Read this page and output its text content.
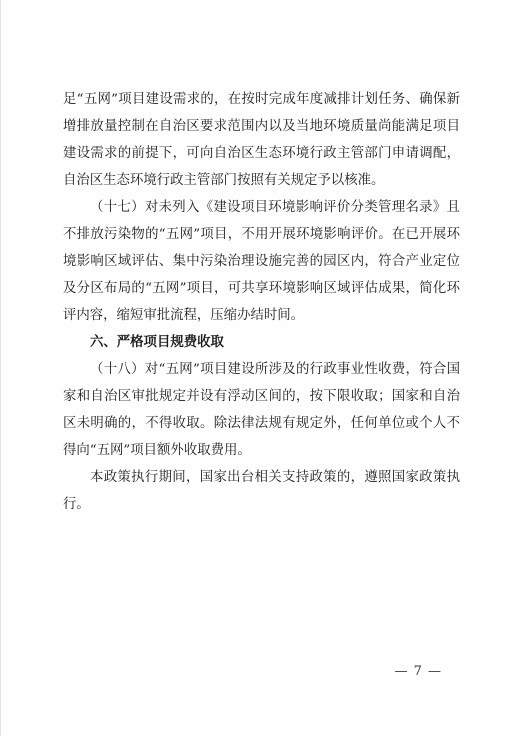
足“五网”项目建设需求的，在按时完成年度减排计划任务、确保新增排放量控制在自治区要求范围内以及当地环境质量尚能满足项目建设需求的前提下，可向自治区生态环境行政主管部门申请调配，自治区生态环境行政主管部门按照有关规定予以核准。

（十七）对未列入《建设项目环境影响评价分类管理名录》且不排放污染物的“五网”项目，不用开展环境影响评价。在已开展环境影响区域评估、集中污染治理设施完善的园区内，符合产业定位及分区布局的“五网”项目，可共享环境影响区域评估成果，简化环评内容，缩短审批流程，压缩办结时间。

六、严格项目规费收取

（十八）对“五网”项目建设所涉及的行政事业性收费，符合国家和自治区审批规定并设有浮动区间的，按下限收取；国家和自治区未明确的，不得收取。除法律法规有规定外，任何单位或个人不得向“五网”项目额外收取费用。

本政策执行期间，国家出台相关支持政策的，遵照国家政策执行。

— 7 —
